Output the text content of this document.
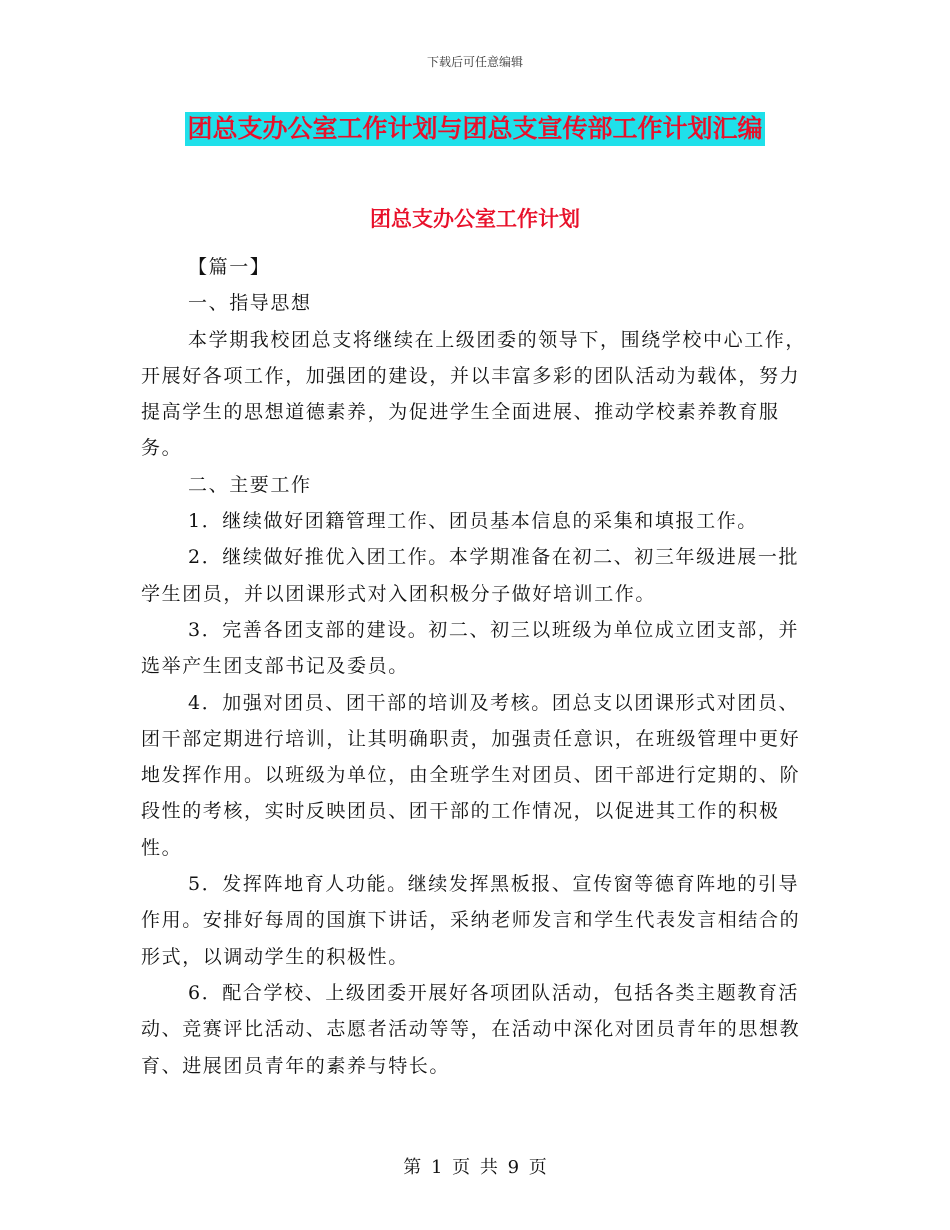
下载后可任意编辑
团总支办公室工作计划与团总支宣传部工作计划汇编
团总支办公室工作计划

【篇一】

一、指导思想

本学期我校团总支将继续在上级团委的领导下，围绕学校中心工作，开展好各项工作，加强团的建设，并以丰富多彩的团队活动为载体，努力提高学生的思想道德素养，为促进学生全面进展、推动学校素养教育服务。

二、主要工作

1．继续做好团籍管理工作、团员基本信息的采集和填报工作。

2．继续做好推优入团工作。本学期准备在初二、初三年级进展一批学生团员，并以团课形式对入团积极分子做好培训工作。

3．完善各团支部的建设。初二、初三以班级为单位成立团支部，并选举产生团支部书记及委员。

4．加强对团员、团干部的培训及考核。团总支以团课形式对团员、团干部定期进行培训，让其明确职责，加强责任意识，在班级管理中更好地发挥作用。以班级为单位，由全班学生对团员、团干部进行定期的、阶段性的考核，实时反映团员、团干部的工作情况，以促进其工作的积极性。

5．发挥阵地育人功能。继续发挥黑板报、宣传窗等德育阵地的引导作用。安排好每周的国旗下讲话，采纳老师发言和学生代表发言相结合的形式，以调动学生的积极性。

6．配合学校、上级团委开展好各项团队活动，包括各类主题教育活动、竞赛评比活动、志愿者活动等等，在活动中深化对团员青年的思想教育、进展团员青年的素养与特长。

第 1 页 共 9 页
